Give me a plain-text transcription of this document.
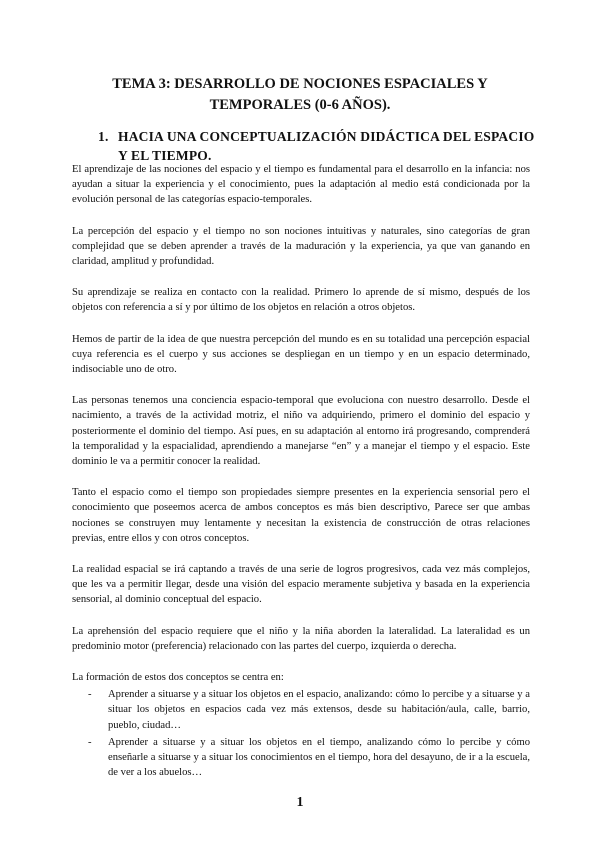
TEMA 3: DESARROLLO DE NOCIONES ESPACIALES Y
TEMPORALES (0-6 AÑOS).
1. HACIA UNA CONCEPTUALIZACIÓN DIDÁCTICA DEL ESPACIO Y EL TIEMPO.

El aprendizaje de las nociones del espacio y el tiempo es fundamental para el desarrollo en la infancia: nos ayudan a situar la experiencia y el conocimiento, pues la adaptación al medio está condicionada por la evolución personal de las categorías espacio-temporales.

La percepción del espacio y el tiempo no son nociones intuitivas y naturales, sino categorías de gran complejidad que se deben aprender a través de la maduración y la experiencia, ya que van ganando en claridad, amplitud y profundidad.

Su aprendizaje se realiza en contacto con la realidad. Primero lo aprende de sí mismo, después de los objetos con referencia a sí y por último de los objetos en relación a otros objetos.

Hemos de partir de la idea de que nuestra percepción del mundo es en su totalidad una percepción espacial cuya referencia es el cuerpo y sus acciones se despliegan en un tiempo y en un espacio determinado, indisociable uno de otro.

Las personas tenemos una conciencia espacio-temporal que evoluciona con nuestro desarrollo. Desde el nacimiento, a través de la actividad motriz, el niño va adquiriendo, primero el dominio del espacio y posteriormente el dominio del tiempo. Así pues, en su adaptación al entorno irá progresando, comprenderá la temporalidad y la espacialidad, aprendiendo a manejarse “en” y a manejar el tiempo y el espacio. Este dominio le va a permitir conocer la realidad.

Tanto el espacio como el tiempo son propiedades siempre presentes en la experiencia sensorial pero el conocimiento que poseemos acerca de ambos conceptos es más bien descriptivo, Parece ser que ambas nociones se construyen muy lentamente y necesitan la existencia de construcción de otras relaciones previas, entre ellos y con otros conceptos.

La realidad espacial se irá captando a través de una serie de logros progresivos, cada vez más complejos, que les va a permitir llegar, desde una visión del espacio meramente subjetiva y basada en la experiencia sensorial, al dominio conceptual del espacio.

La aprehensión del espacio requiere que el niño y la niña aborden la lateralidad. La lateralidad es un predominio motor (preferencia) relacionado con las partes del cuerpo, izquierda o derecha.

La formación de estos dos conceptos se centra en:

- Aprender a situarse y a situar los objetos en el espacio, analizando: cómo lo percibe y a situarse y a situar los objetos en espacios cada vez más extensos, desde su habitación/aula, calle, barrio, pueblo, ciudad…
- Aprender a situarse y a situar los objetos en el tiempo, analizando cómo lo percibe y cómo enseñarle a situarse y a situar los conocimientos en el tiempo, hora del desayuno, de ir a la escuela, de ver a los abuelos…
1
